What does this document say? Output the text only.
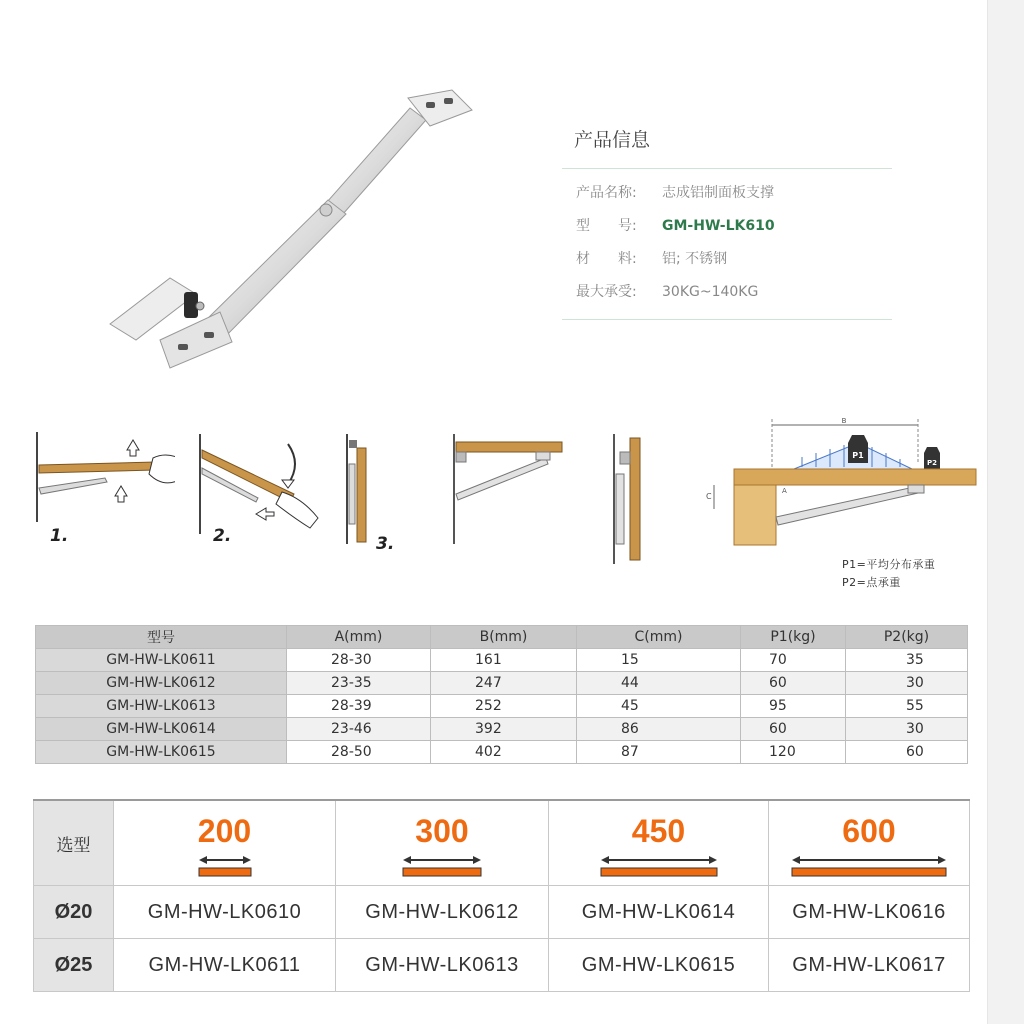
产品信息
产品名称: 志成铝制面板支撑
型　　号: GM-HW-LK610
材　　料: 铝; 不锈钢
最大承受: 30KG~140KG
1.	2.	3.
B
P1
P2
C
A
P1=平均分布承重
P2=点承重
型号	A(mm)	B(mm)	C(mm)	P1(kg)	P2(kg)
GM-HW-LK0611	28-30	161	15	70	35
GM-HW-LK0612	23-35	247	44	60	30
GM-HW-LK0613	28-39	252	45	95	55
GM-HW-LK0614	23-46	392	86	60	30
GM-HW-LK0615	28-50	402	87	120	60
选型	200	300	450	600

Ø20	GM-HW-LK0610	GM-HW-LK0612	GM-HW-LK0614	GM-HW-LK0616
Ø25	GM-HW-LK0611	GM-HW-LK0613	GM-HW-LK0615	GM-HW-LK0617
